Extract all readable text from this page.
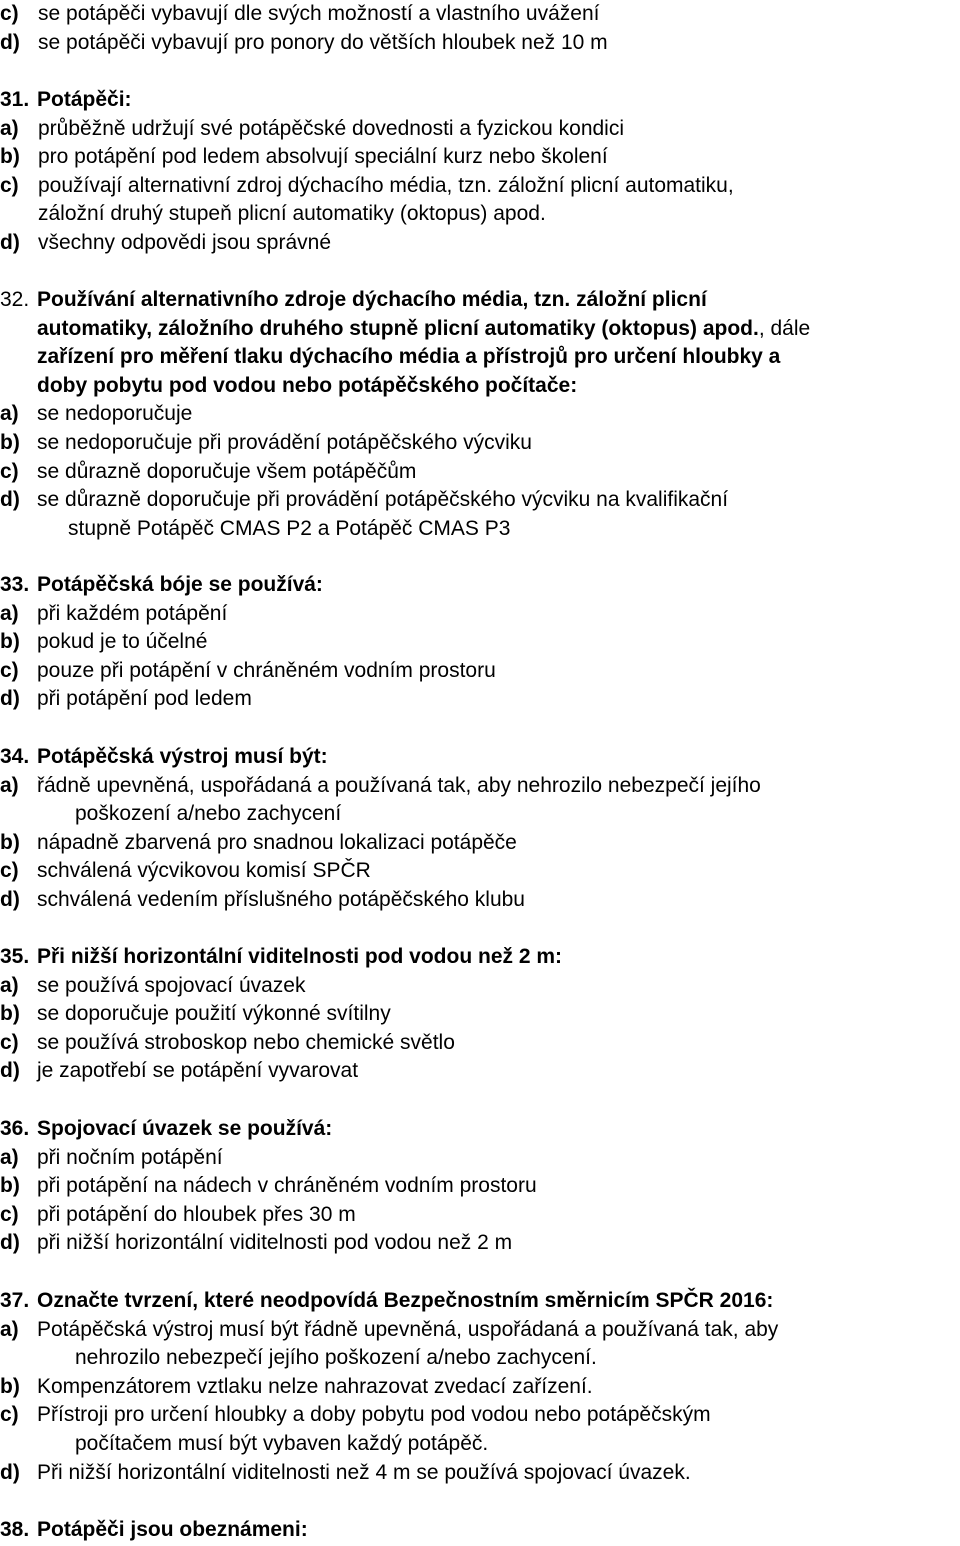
c) se potápěči vybavují dle svých možností a vlastního uvážení
d) se potápěči vybavují pro ponory do větších hloubek než 10 m
31. Potápěči:
a) průběžně udržují své potápěčské dovednosti a fyzickou kondici
b) pro potápění pod ledem absolvují speciální kurz nebo školení
c) používají alternativní zdroj dýchacího média, tzn. záložní plicní automatiku,
záložní druhý stupeň plicní automatiky (oktopus) apod.
d) všechny odpovědi jsou správné
32. Používání alternativního zdroje dýchacího média, tzn. záložní plicní
automatiky, záložního druhého stupně plicní automatiky (oktopus) apod., dále
zařízení pro měření tlaku dýchacího média a přístrojů pro určení hloubky a
doby pobytu pod vodou nebo potápěčského počítače:
a) se nedoporučuje
b) se nedoporučuje při provádění potápěčského výcviku
c) se důrazně doporučuje všem potápěčům
d) se důrazně doporučuje při provádění potápěčského výcviku na kvalifikační
stupně Potápěč CMAS P2 a Potápěč CMAS P3
33. Potápěčská bóje se používá:
a) při každém potápění
b) pokud je to účelné
c) pouze při potápění v chráněném vodním prostoru
d) při potápění pod ledem
34. Potápěčská výstroj musí být:
a) řádně upevněná, uspořádaná a používaná tak, aby nehrozilo nebezpečí jejího
poškození a/nebo zachycení
b) nápadně zbarvená pro snadnou lokalizaci potápěče
c) schválená výcvikovou komisí SPČR
d) schválená vedením příslušného potápěčského klubu
35. Při nižší horizontální viditelnosti pod vodou než 2 m:
a) se používá spojovací úvazek
b) se doporučuje použití výkonné svítilny
c) se používá stroboskop nebo chemické světlo
d) je zapotřebí se potápění vyvarovat
36. Spojovací úvazek se používá:
a) při nočním potápění
b) při potápění na nádech v chráněném vodním prostoru
c) při potápění do hloubek přes 30 m
d) při nižší horizontální viditelnosti pod vodou než 2 m
37. Označte tvrzení, které neodpovídá Bezpečnostním směrnicím SPČR 2016:
a) Potápěčská výstroj musí být řádně upevněná, uspořádaná a používaná tak, aby
nehrozilo nebezpečí jejího poškození a/nebo zachycení.
b) Kompenzátorem vztlaku nelze nahrazovat zvedací zařízení.
c) Přístroji pro určení hloubky a doby pobytu pod vodou nebo potápěčským
počítačem musí být vybaven každý potápěč.
d) Při nižší horizontální viditelnosti než 4 m se používá spojovací úvazek.
38. Potápěči jsou obeznámeni:
